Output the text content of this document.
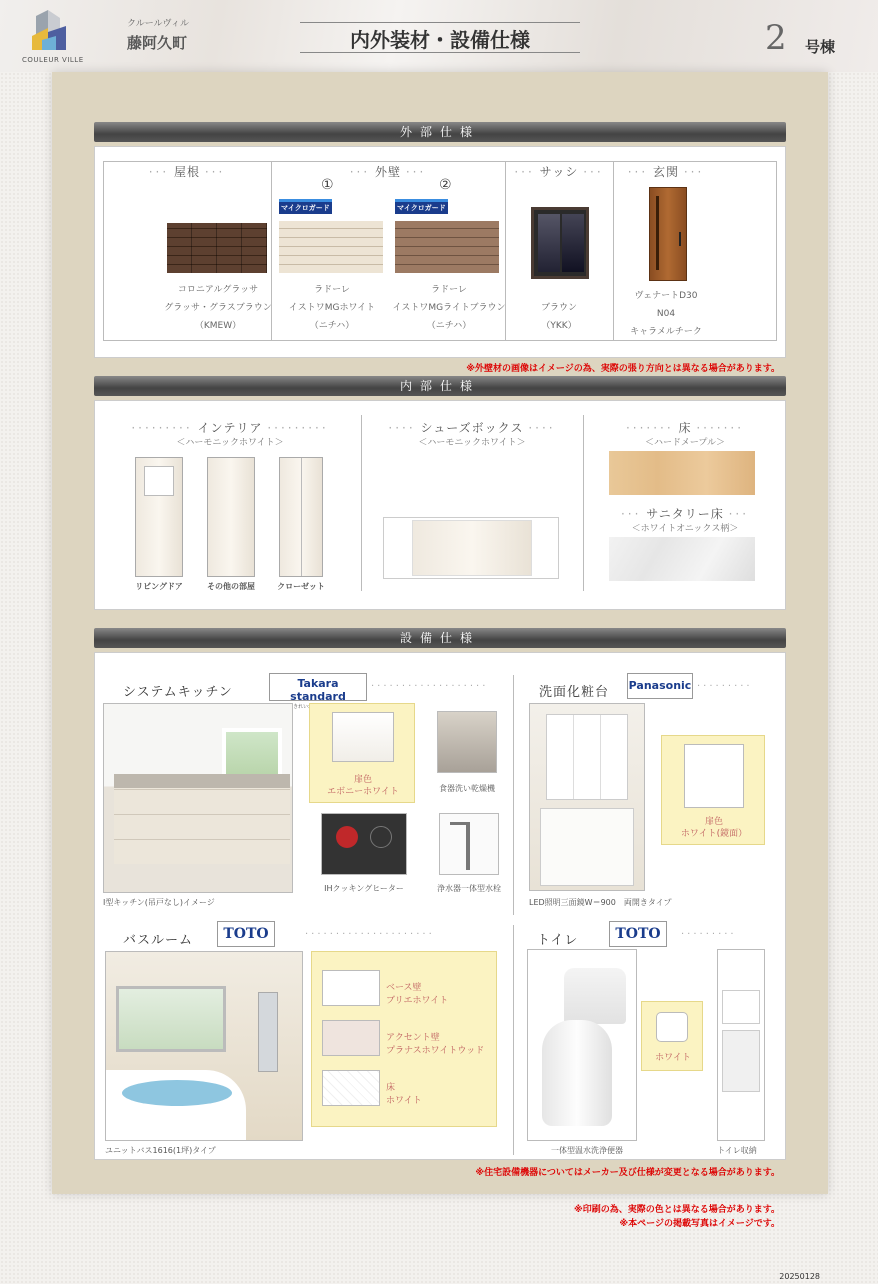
COULEUR VILLE
クルールヴィル
藤阿久町	内外装材・設備仕様	2 号棟
外部仕様
··· 屋根 ···
コロニアルグラッサ
グラッサ・グラスブラウン
（KMEW）
··· 外壁 ···
①	②
マイクロガード	マイクロガード
ラドーレ
イストワMGホワイト
（ニチハ）
ラドーレ
イストワMGライトブラウン
（ニチハ）
··· サッシ ···
ブラウン
（YKK）
··· 玄関 ···
ヴェナートD30
N04
キャラメルチーク
※外壁材の画像はイメージの為、実際の張り方向とは異なる場合があります。
内部仕様
········· インテリア ·········
＜ハーモニックホワイト＞
リビングドア	その他の部屋	クローゼット
···· シューズボックス ····
＜ハーモニックホワイト＞
······· 床 ·······
＜ハードメープル＞
··· サニタリー床 ···
＜ホワイトオニックス柄＞
設備仕様
システムキッチン
Takara standard
···················
I型キッチン(吊戸なし)イメージ
扉色
エボニーホワイト	食器洗い乾燥機
IHクッキングヒーター	浄水器一体型水栓
洗面化粧台 Panasonic ·········
LED照明三面鏡W＝900　両開きタイプ
扉色
ホワイト(鏡面）
バスルーム	TOTO	·····················
ユニットバス1616(1坪)タイプ
ベース壁
ブリエホワイト
アクセント壁
プラナスホワイトウッド
床
ホワイト
トイレ	TOTO	·········
一体型温水洗浄便器
ホワイト
トイレ収納
※住宅設備機器についてはメーカー及び仕様が変更となる場合があります。
※印刷の為、実際の色とは異なる場合があります。
※本ページの掲載写真はイメージです。
20250128
